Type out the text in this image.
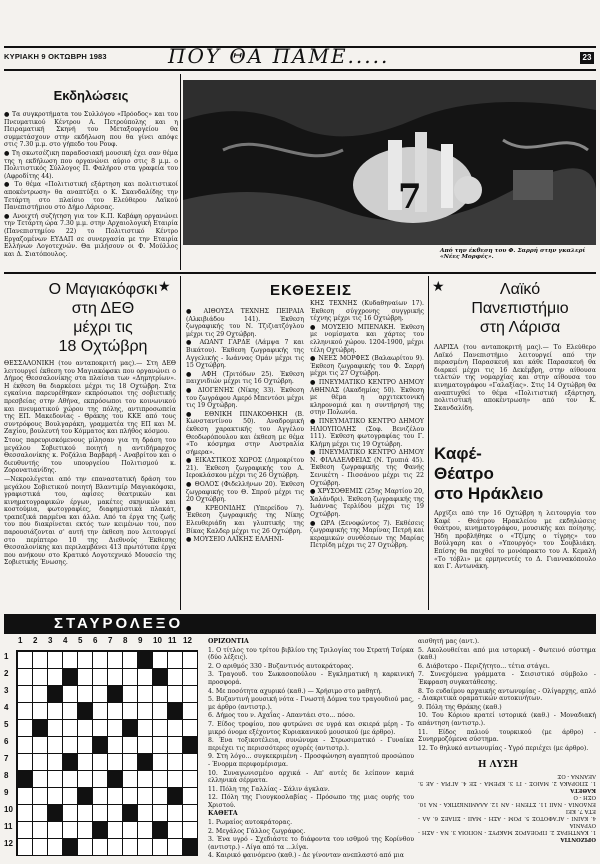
ΚΥΡΙΑΚΗ 9 ΟΚΤΩΒΡΗ 1983	ΠΟΥ ΘΑ ΠΑΜΕ.....	23
Εκδηλώσεις

● Τα συγκροτήματα του Συλλόγου «Πρόοδος» και του Πνευματικού Κέντρου Α. Πετρούπολης και η Πειραματική Σκηνή του Μεταξουργείου θα συμμετάσχουν στην εκδήλωση που θα γίνει απόψε στις 7.30 μ.μ. στο γήπεδο του Ρουφ.

● Τη σκωτσέζικη παραδοσιακή μουσική έχει σαν θέμα της η εκδήλωση που οργανώνει αύριο στις 8 μ.μ. ο Πολιτιστικός Σύλλογος Π. Φαλήρου στα γραφεία του (Αφροδίτης 44).

● Το θέμα «Πολιτιστική εξάρτηση και πολιτιστικοί αποκέντρωση» θα αναπτύξει ο Κ. Σκανδαλίδης την Τετάρτη στο πλαίσιο του Ελεύθερου Λαϊκού Πανεπιστήμιου στο Δήμο Λάρισας.

● Ανοιχτή συζήτηση για τον Κ.Π. Καβάφη οργανώνει την Τετάρτη ώρα 7.30 μ.μ. στην Αρχαιολογική Εταιρία (Πανεπιστημίου 22) το Πολιτιστικό Κέντρο Εργαζομένων ΕΥΔΑΠ σε συνεργασία με την Εταιρία Ελλήνων Λογοτεχνών. Θα μιλήσουν οι Φ. Μούλλος και Δ. Σιατόπουλος.

7
Από την έκθεση του Φ. Σαρρή στην γκαλερί «Νέες Μορφές».
Ο Μαγιακόφσκι
στη ΔΕΘ
μέχρι τις
18 Οχτώβρη
★

ΘΕΣΣΑΛΟΝΙΚΗ (του ανταποκριτή μας).— Στη ΔΕΘ λειτουργεί έκθεση του Μαγιακόφσκι που οργανώνει ο Δήμος Θεσσαλονίκης στα πλαίσια των «Δημητρίων». Η έκθεση θα διαρκέσει μέχρι τις 18 Οχτώβρη. Στα εγκαίνια παρευρέθηκαν εκπρόσωποι της σοβιετικής πρεσβείας στην Αθήνα, εκπρόσωποι του κοινωνικού και πνευματικού χώρου της πόλης, αντιπροσωπεία της ΕΠ. Μακεδονίας - Θράκης του ΚΚΕ από τους συντρόφους Βουλγαράκη, γραμματέα της ΕΠ και Μ. Ζαχίου, βουλευτή του Κόμματος και πλήθος κόσμου.

Στους παρευρισκόμενους μίλησαν για τη δράση του μεγάλου Σοβιετικού ποιητή η αντιδήμαρχος Θεσσαλονίκης κ. Ροζάλια Βαρβαρή - Αναβρίτου και ο διευθυντής του υπουργείου Πολιτισμού κ. Ζορονατιανίδης.

—Νεκρολέγεται από την επαναστατική δράση του μεγάλου Σοβιετικού ποιητή Βλαντιμίρ Μαγιακόφσκι, γραφιστικά του, αφίσες θεατρικών και κινηματογραφικών έργων, μακέτες σκηνικών και κοστούμια, φωτογραφίες, διαφημιστικά πλακάτ, τραπεζικά παρμένα και άλλα. Από τα έργα της ζωής του που διακρίνεται εκτός των κειμένων του, που παρουσιάζονται σ' αυτή την έκθεση που λειτουργεί στο περίπτερο 10 της Διεθνούς Έκθεσης Θεσσαλονίκης και περιλαμβάνει 413 πρωτότυπα έργα που ανήκουν στο Κρατικό Λογοτεχνικό Μουσείο της Σοβιετικής Ένωσης.

ΕΚΘΕΣΕΙΣ

● ΑΙΘΟΥΣΑ ΤΕΧΝΗΣ ΠΕΙΡΑΙΑ (Αλκιβιάδου 141). Έκθεση ζωγραφικής του Ν. Τζιζιατζόγλου μέχρι τις 29 Οχτώβρη.

● ΑΩΑΝΤ ΓΑΡΔΕ (Λάμψα 7 και Βικάτου). Έκθεση ζωγραφικής της Αγγελικής - Ιωάννας Ομάν μέχρι τις 15 Οχτώβρη.

● ΑΦΗ (Τριτόδων 25). Έκθεση παιχνιδιών μέχρι τις 16 Οχτώβρη.

● ΔΙΟΓΕΝΗΣ (Νίκης 33). Έκθεση του ζωγράφου Αμερό Μπεντόσι μέχρι τις 19 Οχτώβρη.

● ΕΘΝΙΚΗ ΠΙΝΑΚΟΘΗΚΗ (Β. Κωνσταντίνου 50). Αναδρομική έκθεση χαρακτικής του Αγγέλου Θεοδωρόπουλου και έκθεση με θέμα «Το κόσμημα στην Αυστραλία σήμερα».

● ΕΙΚΑΣΤΙΚΟΣ ΧΩΡΟΣ (Δημοκρίτου 21). Έκθεση ζωγραφικής του Α. Ιεροκλάσκου μέχρι τις 26 Οχτώβρη.

● ΘΟΛΟΣ (Φιδελλήνων 20). Έκθεση ζωγραφικής του Θ. Σπρού μέχρι τις 20 Οχτώβρη.

● ΚΡΕΟΝΙΔΗΣ (Υπερείδου 7). Έκθεση ζωγραφικής της Νίκης Ελευθεριάδη και γλυπτικής της Βίκας Καλδερ μέχρι τις 26 Οχτώβρη.

● ΜΟΥΣΕΙΟ ΛΑΪΚΗΣ ΕΛΛΗΝΙ-

ΚΗΣ ΤΕΧΝΗΣ (Κυδαθηναίων 17). Έκθεση σύγχρονης συγγρικής τέχνης μέχρι τις 16 Οχτώβρη.

● ΜΟΥΣΕΙΟ ΜΠΕΝΑΚΗ. Έκθεση με νομίσματα και χάρτες του ελληνικού χώρου. 1204-1900, μέχρι τέλη Οχτώβρη.

● ΝΕΕΣ ΜΟΡΦΕΣ (Βαλαωρίτου 9). Έκθεση ζωγραφικής του Φ. Σαρρή μέχρι τις 27 Οχτώβρη.

● ΠΝΕΥΜΑΤΙΚΟ ΚΕΝΤΡΟ ΔΗΜΟΥ ΑΘΗΝΑΣ (Ακαδημίας 50). Έκθεση με θέμα η αρχιτεκτονική κληρονομιά και η συντήρησή της στην Πολωνία.

● ΠΝΕΥΜΑΤΙΚΟ ΚΕΝΤΡΟ ΔΗΜΟΥ ΗΛΙΟΥΠΟΛΗΣ (Σοφ. Βενιζέλου 111). Έκθεση φωτογραφίας του Γ. Κλήμη μέχρι τις 19 Οχτώβρη.

● ΠΝΕΥΜΑΤΙΚΟ ΚΕΝΤΡΟ ΔΗΜΟΥ Ν. ΦΙΛΑΔΕΛΦΕΙΑΣ (Ν. Τρυπιά 45). Έκθεση ζωγραφικής της Φανής Σενικέτη - Πισσάνου μέχρι τις 22 Οχτώβρη.

● ΧΡΥΣΟΘΕΜΙΣ (25ης Μαρτίου 20, Χαλάνδρι). Έκθεση ζωγραφικής της Ιωάννας Τερλίδου μέχρι τις 19 Οχτώβρη.

● ΩΡΑ (Ξενοφώντος 7). Εκθέσεις ζωγραφικής της Μαρίνας Πετρή και κεραμικών συνθέσεων της Μαρίας Πετρίδη μέχρι τις 27 Οχτώβρη.

★	Λαϊκό
Πανεπιστήμιο
στη Λάρισα
ΛΑΡΙΣΑ (του ανταποκριτή μας).— Το Ελεύθερο Λαϊκό Πανεπιστήμιο λειτουργεί από την περασμένη Παρασκευή και κάθε Παρασκευή θα διαρκεί μέχρι τις 16 Δεκέμβρη, στην αίθουσα τελετών της νομαρχίας και στην αίθουσα του κινηματογράφου «Γαλαξίας». Στις 14 Οχτώβρη θα αναπτυχθεί το θέμα «Πολιτιστική εξάρτηση, πολιτιστική αποκέντρωση» από τον Κ. Σκανδαλίδη.
Καφέ-
Θέατρο
στο Ηράκλειο
Αρχίζει από την 16 Οχτώβρη η λειτουργία του Καφέ - Θεάτρου Ηρακλείου με εκδηλώσεις θεάτρου, κινηματογράφου, μουσικής και ποίησης. Ήδη προβλήθηκε ο «Τζίμης ο τίγρης» του Βούλγαρη και ο «Υπουργός» του Σουβλιάκη. Επίσης θα παιχθεί το μονόπρακτο του Α. Κεμαλή «Το τόβλι» με ερμηνευτές το Δ. Γιαννακόπουλο και Γ. Αντωνάκη.
ΣΤΑΥΡΟΛΕΞΟ
1 2 3 4 5 6 7 8 9 10 11 12
1
2
3
4
5
6
7
8
9
10
11
12

ΟΡΙΖΟΝΤΙΑ

1. Ο τίτλος του τρίτου βιβλίου της Τριλογίας του Στρατή Τσίρκα (δύο λέξεις).

2. Ο αριθμός 330 - Βυζαντινός αυτοκράτορας.

3. Τραγουδ. του Σωκασοπούλου - Εγκληματική η καρκινική προσφορά.

4. Με ποσότητα αχυρικό (καθ.) — Χρήσιμο στο μαθητή.

5. Βυζαντινή μουσική νότα - Γνωστή Δόμνα του τραγουδιού μας, με άρθρο (αντιστρ.).

6. Δήμος του ν. Αχαΐας - Απαντάει στο... πόσο.

7. Είδος τροφίου, που φυτρώνει σε υγρά και σκιερά μέρη - Το μικρό όνομα εξέχοντος Κυριακανικού μουσικού (με άρθρο).

8. Ένα τοξικοτέλεια, συνώνυμα - Στρωσιματικό - Γυναίκα περιέχει τις περισσότερες οχυρές (αντιστρ.).

9. Στη λόγο... συγκεκριμένη - Προσφώνηση αγαπητού προσώπου - Ένορμα περιφομέρισμα.

10. Συναγωνισμένο αρχικά - Απ' αυτές δε λείπουν καμιά ελληνικά σέρματα.

11. Πόλη της Γαλλίας - Σάλιν άγκλαν.

12. Πόλη της Γιουγκοσλαβίας - Πρόσωπο της μιας ουρής του Χριστού.

ΚΑΘΕΤΑ

1. Ρωμαίος αυτοκράτορας.

2. Μεγάλος Γάλλος ζωγράφος.

3. Ένα υγρό - Σχεδιάστε το διάφοντα του ισθμού της Κορίνθου (αντιστρ.) - Λίγα από τα ...λίγα.

4. Καιρικό φαινόμενο (καθ.) - Δε γίνονταν ανεπλαστό από μια

αισθητή μας (αντ.).

5. Ακολουθείται από μια ιστορική - Φωτεινό σύστημα (καθ.)

6. Διάβοτερο - Περιζήτητο... τέτια στάγει.

7. Συνεχόμενα γράμματα - Σεισιστικό σύμβολο - Έκφραση συγκατάθεσης.

8. Το ευδαίμου αρχαικής αντωνυμίας - Ολίγαρχης, απλό - Διακριτικά οραματικών αυτοκινήτων.

9. Πόλη της Θράκης (καθ.)

10. Του Κόριου κρατεί ιστορικά (καθ.) - Μοναδιακή απάντηση (αντιστρ.).

11. Είδος παλιού τουρκικού (με άρθρο) - Συνηρμοζόμενα σύστημα.

12. Το θηλυκό αντωνυμίας - Υγρό περιέχει (με άρθρο).

Η ΛΥΣΗ

ΟΡΙΖΟΝΤΙΑ

1. ΚΑΝΤΗΡΑΣ 2. ΠΡΟΕΔΡΟΣ ΜΑΚΡΥΣ - ΝΟΠΟΙΑ 3. ΝΑ - ΑΣΗ - ΟΥΡΑΝΙΑ

4. ΚΑΙΝΙ - ΑΓΑΦΟΤΟΣ 5. ΡΟΜ - ΑΣΗ - ΜΑΙΙ - ΣΠΑΕΣ 6. ΑΛ - ΕΤΑ 7. ΚΕΙ

ΕΝΔΟΝΙΑ - ΝΑΙΙ 11. ΣΤΕΝΗ - ΑΝ 12. ΑΛΑΜΙΝΙΩΤΙΚΑ - ΝΑ 10. ΟΣΗ - Ο

ΚΑΘΕΤΑ

1. ΣΠΟΡΑΚΑ 2. ΜΑΙΟΣ - ΓΙ 3. ΚΡΕΜΑ - ΣΕ 4. ΑΓΡΙΑ - ΑΕ 5. ΛΕΑΝΝΑ - ΟΣ
